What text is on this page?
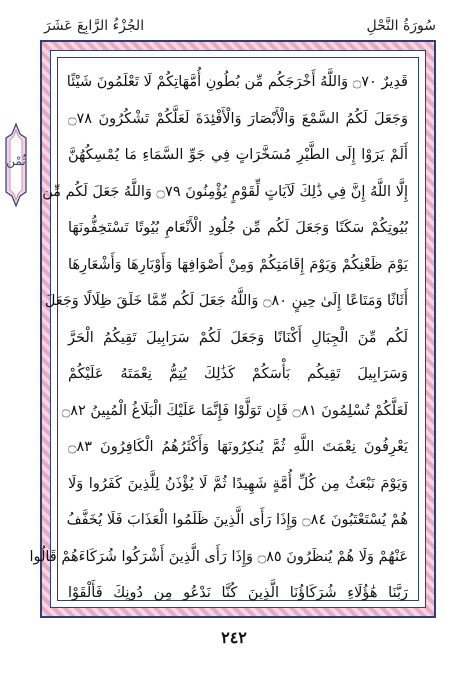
الجُزْءُ الرَّابِعَ عَشَرَ	سُورَةُ النَّحْلِ
ثُمْن
قَدِيرٌ ۝٧٠ وَاللَّهُ أَخْرَجَكُم مِّن بُطُونِ أُمَّهَاتِكُمْ لَا تَعْلَمُونَ شَيْئًا
وَجَعَلَ لَكُمُ السَّمْعَ وَالْأَبْصَارَ وَالْأَفْئِدَةَ لَعَلَّكُمْ تَشْكُرُونَ ۝٧٨
أَلَمْ يَرَوْا إِلَى الطَّيْرِ مُسَخَّرَاتٍ فِي جَوِّ السَّمَاءِ مَا يُمْسِكُهُنَّ
إِلَّا اللَّهُ إِنَّ فِي ذَٰلِكَ لَآيَاتٍ لِّقَوْمٍ يُؤْمِنُونَ ۝٧٩ وَاللَّهُ جَعَلَ لَكُم مِّن
بُيُوتِكُمْ سَكَنًا وَجَعَلَ لَكُم مِّن جُلُودِ الْأَنْعَامِ بُيُوتًا تَسْتَخِفُّونَهَا
يَوْمَ ظَعْنِكُمْ وَيَوْمَ إِقَامَتِكُمْ وَمِنْ أَصْوَافِهَا وَأَوْبَارِهَا وَأَشْعَارِهَا
أَثَاثًا وَمَتَاعًا إِلَىٰ حِينٍ ۝٨٠ وَاللَّهُ جَعَلَ لَكُم مِّمَّا خَلَقَ ظِلَالًا وَجَعَلَ
لَكُم مِّنَ الْجِبَالِ أَكْنَانًا وَجَعَلَ لَكُمْ سَرَابِيلَ تَقِيكُمُ الْحَرَّ
وَسَرَابِيلَ تَقِيكُم بَأْسَكُمْ كَذَٰلِكَ يُتِمُّ نِعْمَتَهُ عَلَيْكُمْ
لَعَلَّكُمْ تُسْلِمُونَ ۝٨١ فَإِن تَوَلَّوْا فَإِنَّمَا عَلَيْكَ الْبَلَاغُ الْمُبِينُ ۝٨٢
يَعْرِفُونَ نِعْمَتَ اللَّهِ ثُمَّ يُنكِرُونَهَا وَأَكْثَرُهُمُ الْكَافِرُونَ ۝٨٣
وَيَوْمَ نَبْعَثُ مِن كُلِّ أُمَّةٍ شَهِيدًا ثُمَّ لَا يُؤْذَنُ لِلَّذِينَ كَفَرُوا وَلَا
هُمْ يُسْتَعْتَبُونَ ۝٨٤ وَإِذَا رَأَى الَّذِينَ ظَلَمُوا الْعَذَابَ فَلَا يُخَفَّفُ
عَنْهُمْ وَلَا هُمْ يُنظَرُونَ ۝٨٥ وَإِذَا رَأَى الَّذِينَ أَشْرَكُوا شُرَكَاءَهُمْ قَالُوا
رَبَّنَا هَٰؤُلَاءِ شُرَكَاؤُنَا الَّذِينَ كُنَّا نَدْعُو مِن دُونِكَ فَأَلْقَوْا
٢٤٢
